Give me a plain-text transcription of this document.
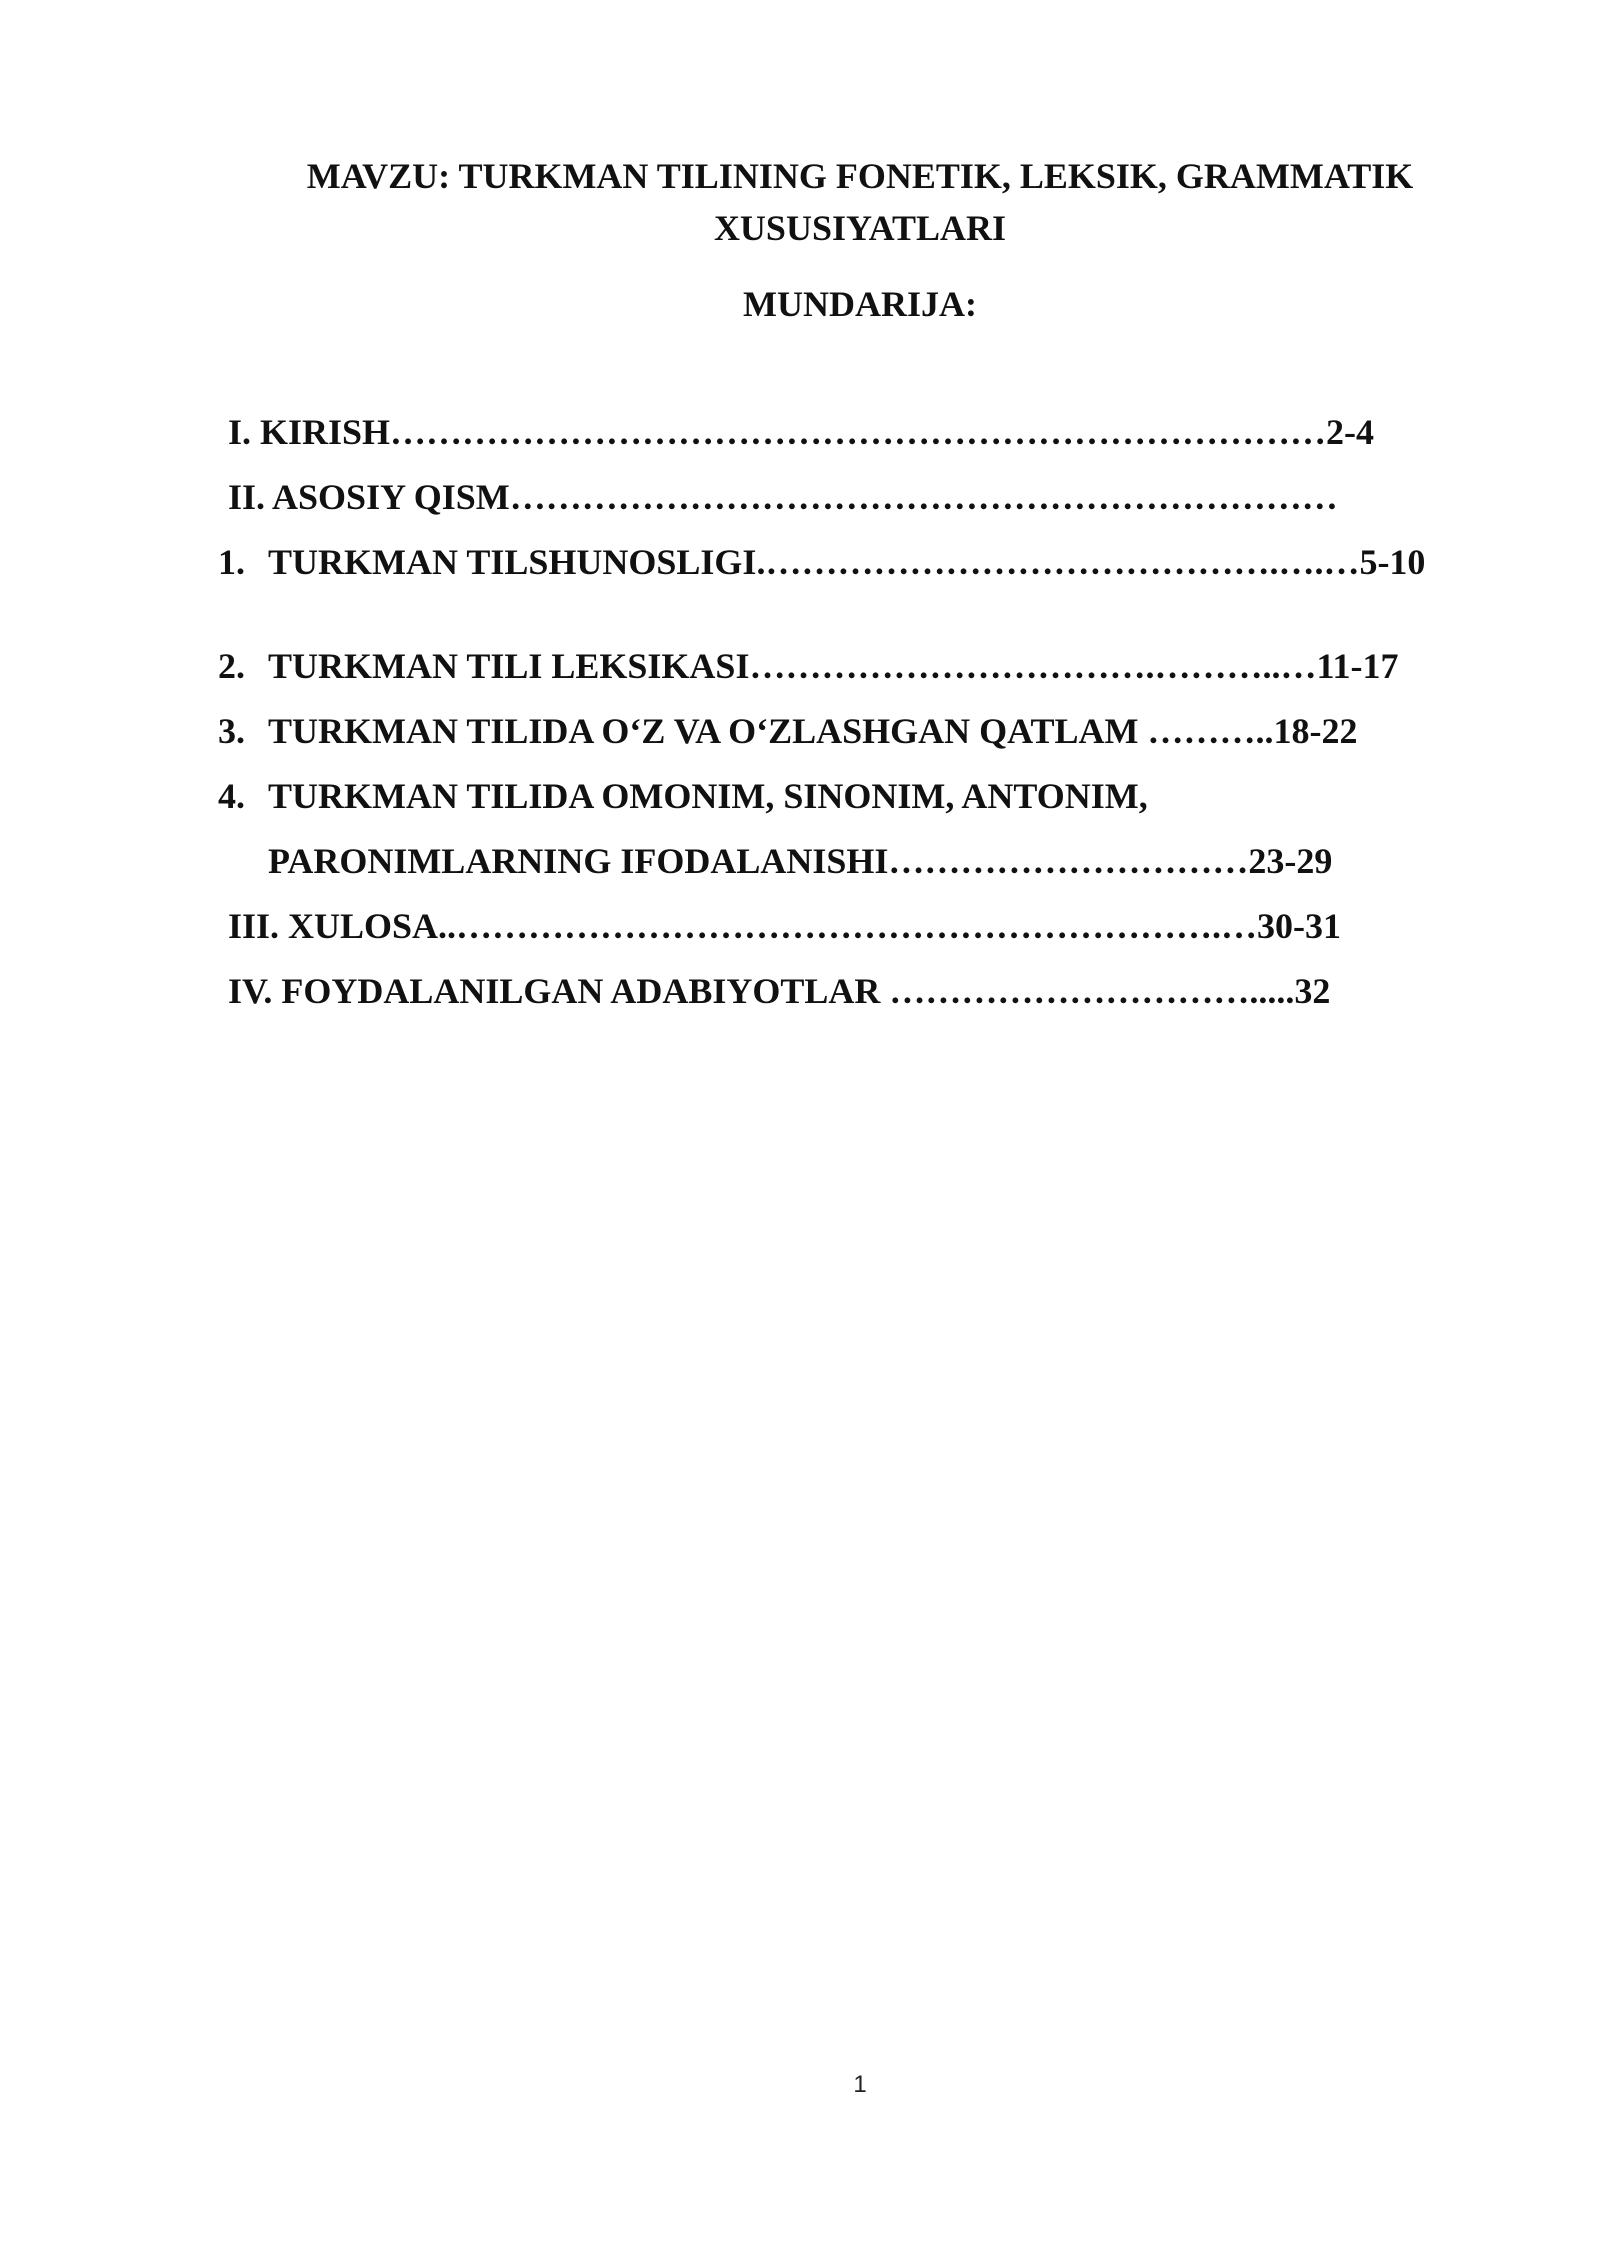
MAVZU: TURKMAN TILINING FONETIK, LEKSIK, GRAMMATIK XUSUSIYATLARI
MUNDARIJA:
I. KIRISH……………………………………………………………………2-4
II. ASOSIY QISM……………………………………………………………
1. TURKMAN TILSHUNOSLIGI.…………………………………….….…5-10
2. TURKMAN TILI LEKSIKASI…………………………….………..…11-17
3. TURKMAN TILIDA O‘Z VA O‘ZLASHGAN QATLAM ………..18-22
4. TURKMAN TILIDA OMONIM, SINONIM, ANTONIM,
PARONIMLARNING IFODALANISHI…………………………23-29
III. XULOSA..……………………………………………………….…30-31
IV. FOYDALANILGAN ADABIYOTLAR ………………………….....32
1
